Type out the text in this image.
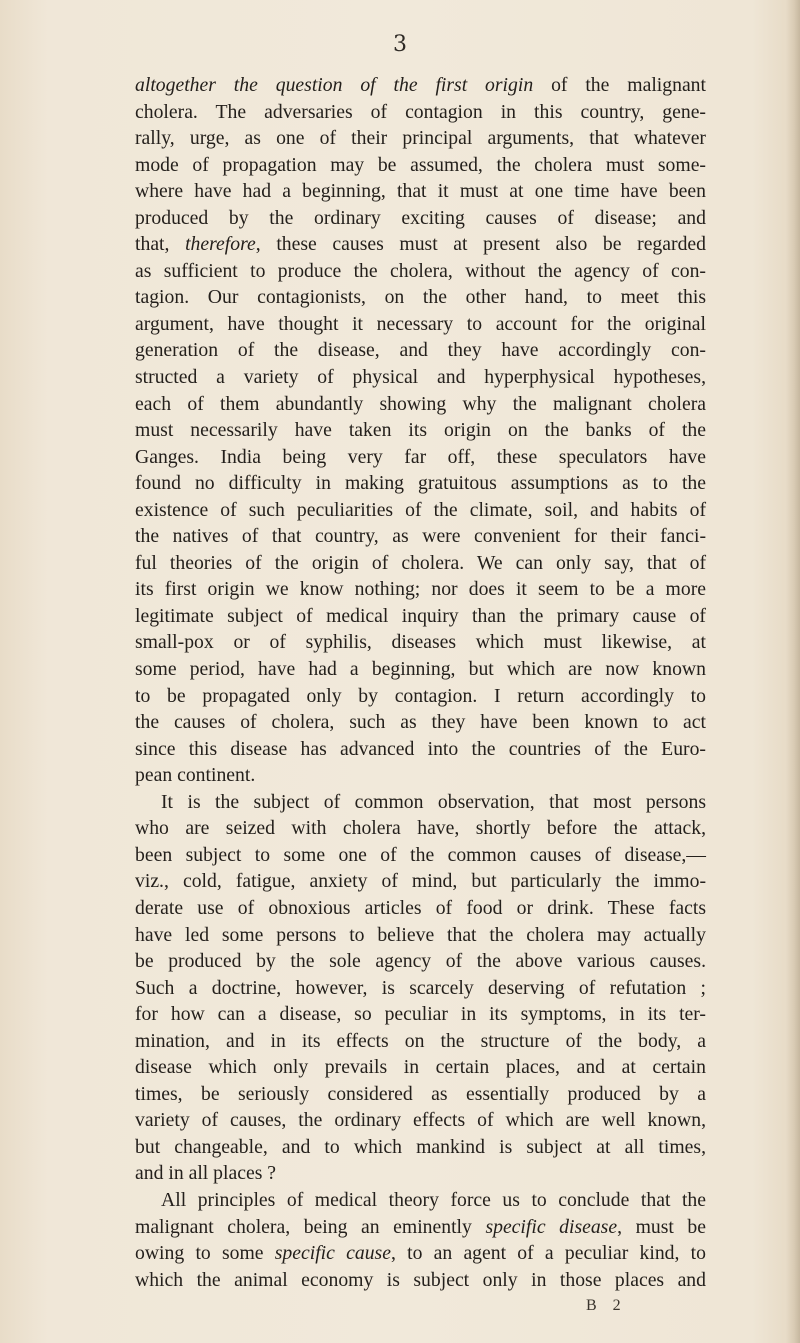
3
altogether the question of the first origin of the malignant
cholera. The adversaries of contagion in this country, gene-
rally, urge, as one of their principal arguments, that whatever
mode of propagation may be assumed, the cholera must some-
where have had a beginning, that it must at one time have been
produced by the ordinary exciting causes of disease; and
that, therefore, these causes must at present also be regarded
as sufficient to produce the cholera, without the agency of con-
tagion. Our contagionists, on the other hand, to meet this
argument, have thought it necessary to account for the original
generation of the disease, and they have accordingly con-
structed a variety of physical and hyperphysical hypotheses,
each of them abundantly showing why the malignant cholera
must necessarily have taken its origin on the banks of the
Ganges. India being very far off, these speculators have
found no difficulty in making gratuitous assumptions as to the
existence of such peculiarities of the climate, soil, and habits of
the natives of that country, as were convenient for their fanci-
ful theories of the origin of cholera. We can only say, that of
its first origin we know nothing; nor does it seem to be a more
legitimate subject of medical inquiry than the primary cause of
small-pox or of syphilis, diseases which must likewise, at
some period, have had a beginning, but which are now known
to be propagated only by contagion. I return accordingly to
the causes of cholera, such as they have been known to act
since this disease has advanced into the countries of the Euro-
pean continent.
It is the subject of common observation, that most persons
who are seized with cholera have, shortly before the attack,
been subject to some one of the common causes of disease,—
viz., cold, fatigue, anxiety of mind, but particularly the immo-
derate use of obnoxious articles of food or drink. These facts
have led some persons to believe that the cholera may actually
be produced by the sole agency of the above various causes.
Such a doctrine, however, is scarcely deserving of refutation ;
for how can a disease, so peculiar in its symptoms, in its ter-
mination, and in its effects on the structure of the body, a
disease which only prevails in certain places, and at certain
times, be seriously considered as essentially produced by a
variety of causes, the ordinary effects of which are well known,
but changeable, and to which mankind is subject at all times,
and in all places ?
All principles of medical theory force us to conclude that the
malignant cholera, being an eminently specific disease, must be
owing to some specific cause, to an agent of a peculiar kind, to
which the animal economy is subject only in those places and
B 2
